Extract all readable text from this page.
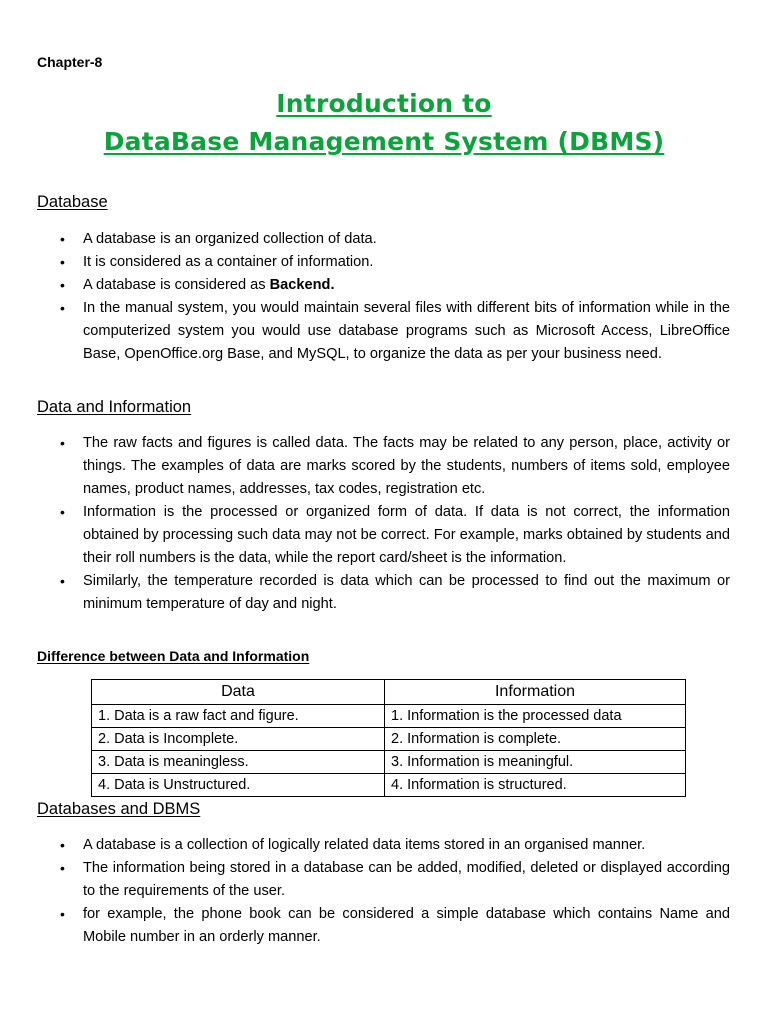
Chapter-8
Introduction to
DataBase Management System (DBMS)
Database
• A database is an organized collection of data.
• It is considered as a container of information.
• A database is considered as Backend.
• In the manual system, you would maintain several files with different bits of information while in the computerized system you would use database programs such as Microsoft Access, LibreOffice Base, OpenOffice.org Base, and MySQL, to organize the data as per your business need.
Data and Information
• The raw facts and figures is called data. The facts may be related to any person, place, activity or things. The examples of data are marks scored by the students, numbers of items sold, employee names, product names, addresses, tax codes, registration etc.
• Information is the processed or organized form of data. If data is not correct, the information obtained by processing such data may not be correct. For example, marks obtained by students and their roll numbers is the data, while the report card/sheet is the information.
• Similarly, the temperature recorded is data which can be processed to find out the maximum or minimum temperature of day and night.
Difference between Data and Information
Data	Information
1. Data is a raw fact and figure.	1. Information is the processed data
2. Data is Incomplete.	2. Information is complete.
3. Data is meaningless.	3. Information is meaningful.
4. Data is Unstructured.	4. Information is structured.
Databases and DBMS
• A database is a collection of logically related data items stored in an organised manner.
• The information being stored in a database can be added, modified, deleted or displayed according to the requirements of the user.
• for example, the phone book can be considered a simple database which contains Name and Mobile number in an orderly manner.
